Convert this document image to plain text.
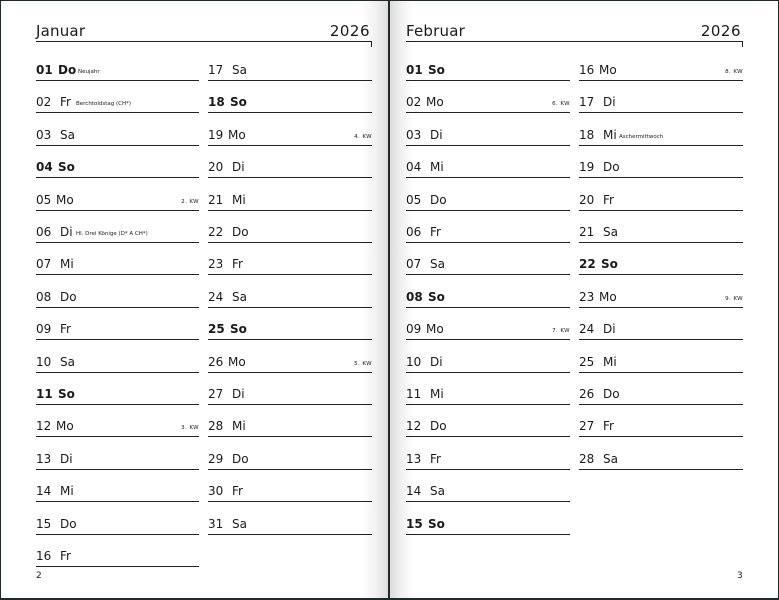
Januar	2026
01 Do Neujahr
02 Fr Berchtoldstag (CH*)
03 Sa
04 So
05 Mo	2. KW
06 Di Hl. Drei Könige (D* A CH*)
07 Mi
08 Do
09 Fr
10 Sa
11 So
12 Mo	3. KW
13 Di
14 Mi
15 Do
16 Fr
17 Sa
18 So
19 Mo	4. KW
20 Di
21 Mi
22 Do
23 Fr
24 Sa
25 So
26 Mo	5. KW
27 Di
28 Mi
29 Do
30 Fr
31 Sa
2
Februar	2026
01 So
02 Mo	6. KW
03 Di
04 Mi
05 Do
06 Fr
07 Sa
08 So
09 Mo	7. KW
10 Di
11 Mi
12 Do
13 Fr
14 Sa
15 So
16 Mo	8. KW
17 Di
18 Mi Aschermittwoch
19 Do
20 Fr
21 Sa
22 So
23 Mo	9. KW
24 Di
25 Mi
26 Do
27 Fr
28 Sa
3
